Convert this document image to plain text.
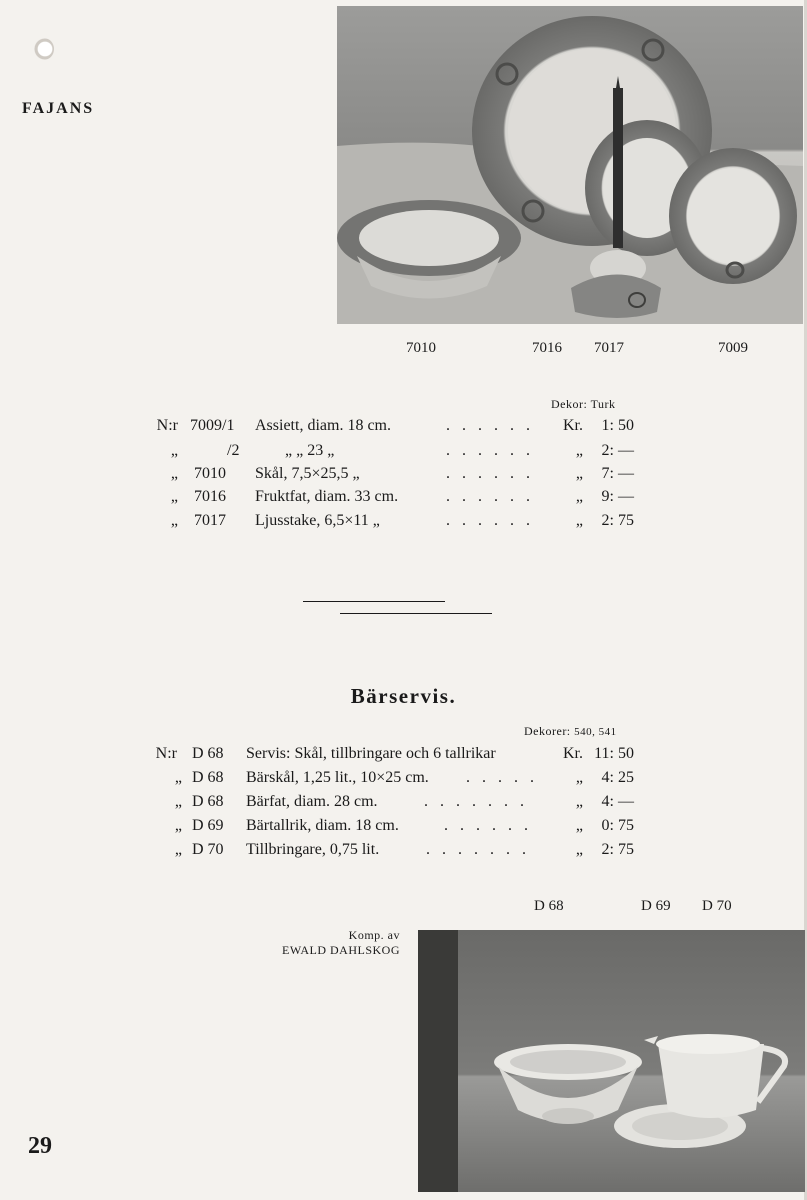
FAJANS
7010	7016 7017	7009
Dekor: Turk
N:r 7009/1 Assiett, diam. 18 cm.	. . . . . . Kr.	1: 50
„	/2	„ „ 23 „	. . . . . .	„	2: —
„ 7010 Skål, 7,5×25,5 „	. . . . . .	„	7: —
„ 7016 Fruktfat, diam. 33 cm.	. . . . . .	„	9: —
„ 7017 Ljusstake, 6,5×11 „	. . . . . .	„	2: 75
Bärservis.
Dekorer: 540, 541
N:r D 68 Servis: Skål, tillbringare och 6 tallrikar	Kr. 11: 50
„ D 68 Bärskål, 1,25 lit., 10×25 cm. . . . . .	„	4: 25
„ D 68 Bärfat, diam. 28 cm.	. . . . . . .	„	4: —
„ D 69 Bärtallrik, diam. 18 cm.	. . . . . .	„	0: 75
„ D 70 Tillbringare, 0,75 lit.	. . . . . . .	„	2: 75
D 68	D 69 D 70
Komp. av
EWALD DAHLSKOG
29
